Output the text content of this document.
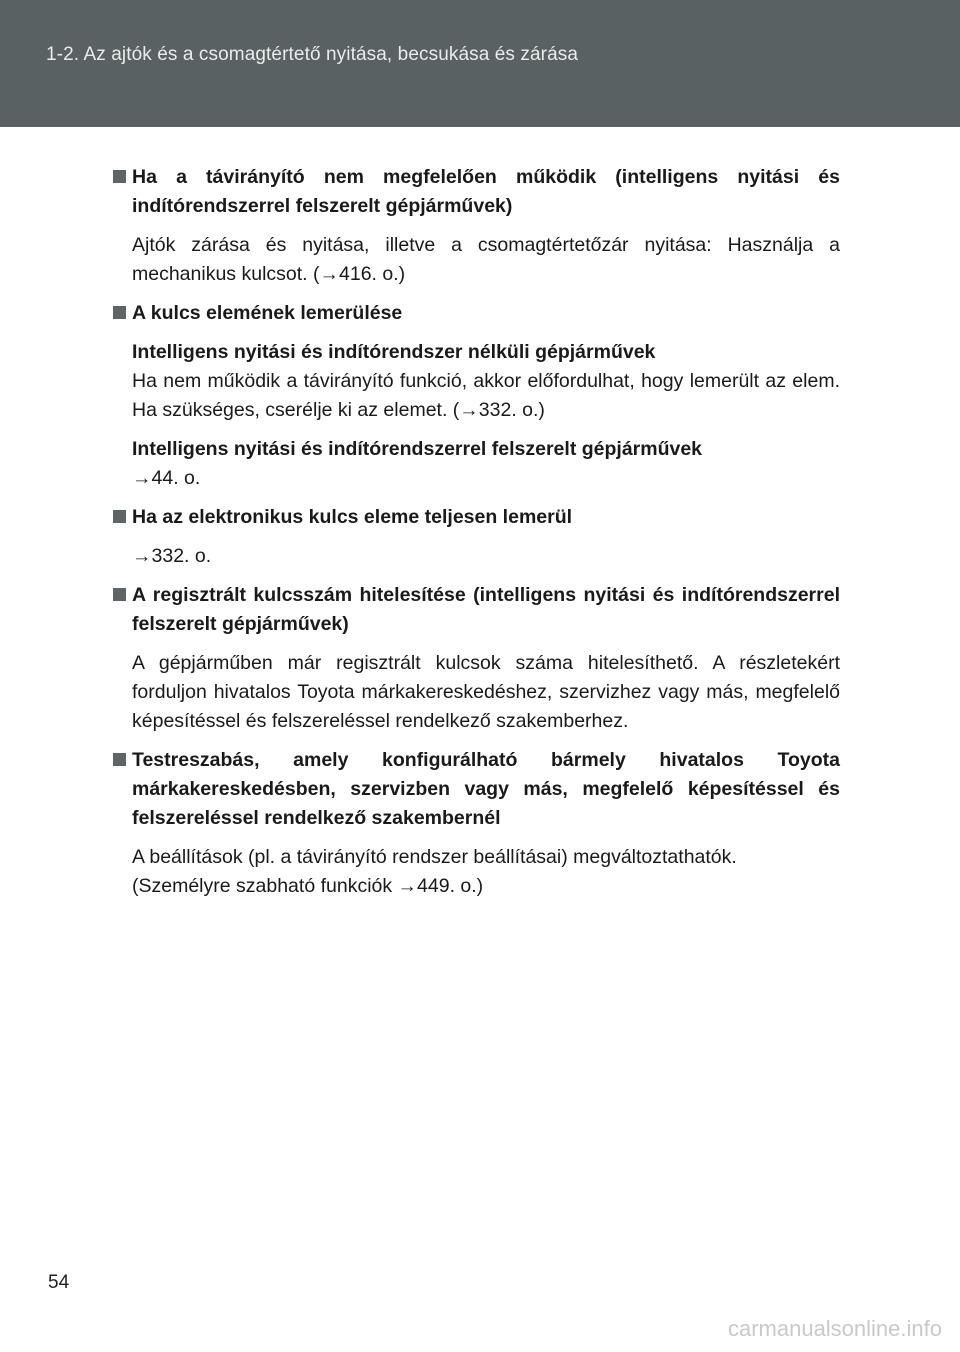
1-2. Az ajtók és a csomagtértető nyitása, becsukása és zárása
Ha a távirányító nem megfelelően működik (intelligens nyitási és indítórendszerrel felszerelt gépjárművek)
Ajtók zárása és nyitása, illetve a csomagtértetőzár nyitása: Használja a mechanikus kulcsot. (→416. o.)
A kulcs elemének lemerülése
Intelligens nyitási és indítórendszer nélküli gépjárművek
Ha nem működik a távirányító funkció, akkor előfordulhat, hogy lemerült az elem. Ha szükséges, cserélje ki az elemet. (→332. o.)
Intelligens nyitási és indítórendszerrel felszerelt gépjárművek
→44. o.
Ha az elektronikus kulcs eleme teljesen lemerül
→332. o.
A regisztrált kulcsszám hitelesítése (intelligens nyitási és indítórendszerrel felszerelt gépjárművek)
A gépjárműben már regisztrált kulcsok száma hitelesíthető. A részletekért forduljon hivatalos Toyota márkakereskedéshez, szervizhez vagy más, megfelelő képesítéssel és felszereléssel rendelkező szakemberhez.
Testreszabás, amely konfigurálható bármely hivatalos Toyota márkakereskedésben, szervizben vagy más, megfelelő képesítéssel és felszereléssel rendelkező szakembernél
A beállítások (pl. a távirányító rendszer beállításai) megváltoztathatók. (Személyre szabható funkciók →449. o.)
54
carmanualsonline.info
